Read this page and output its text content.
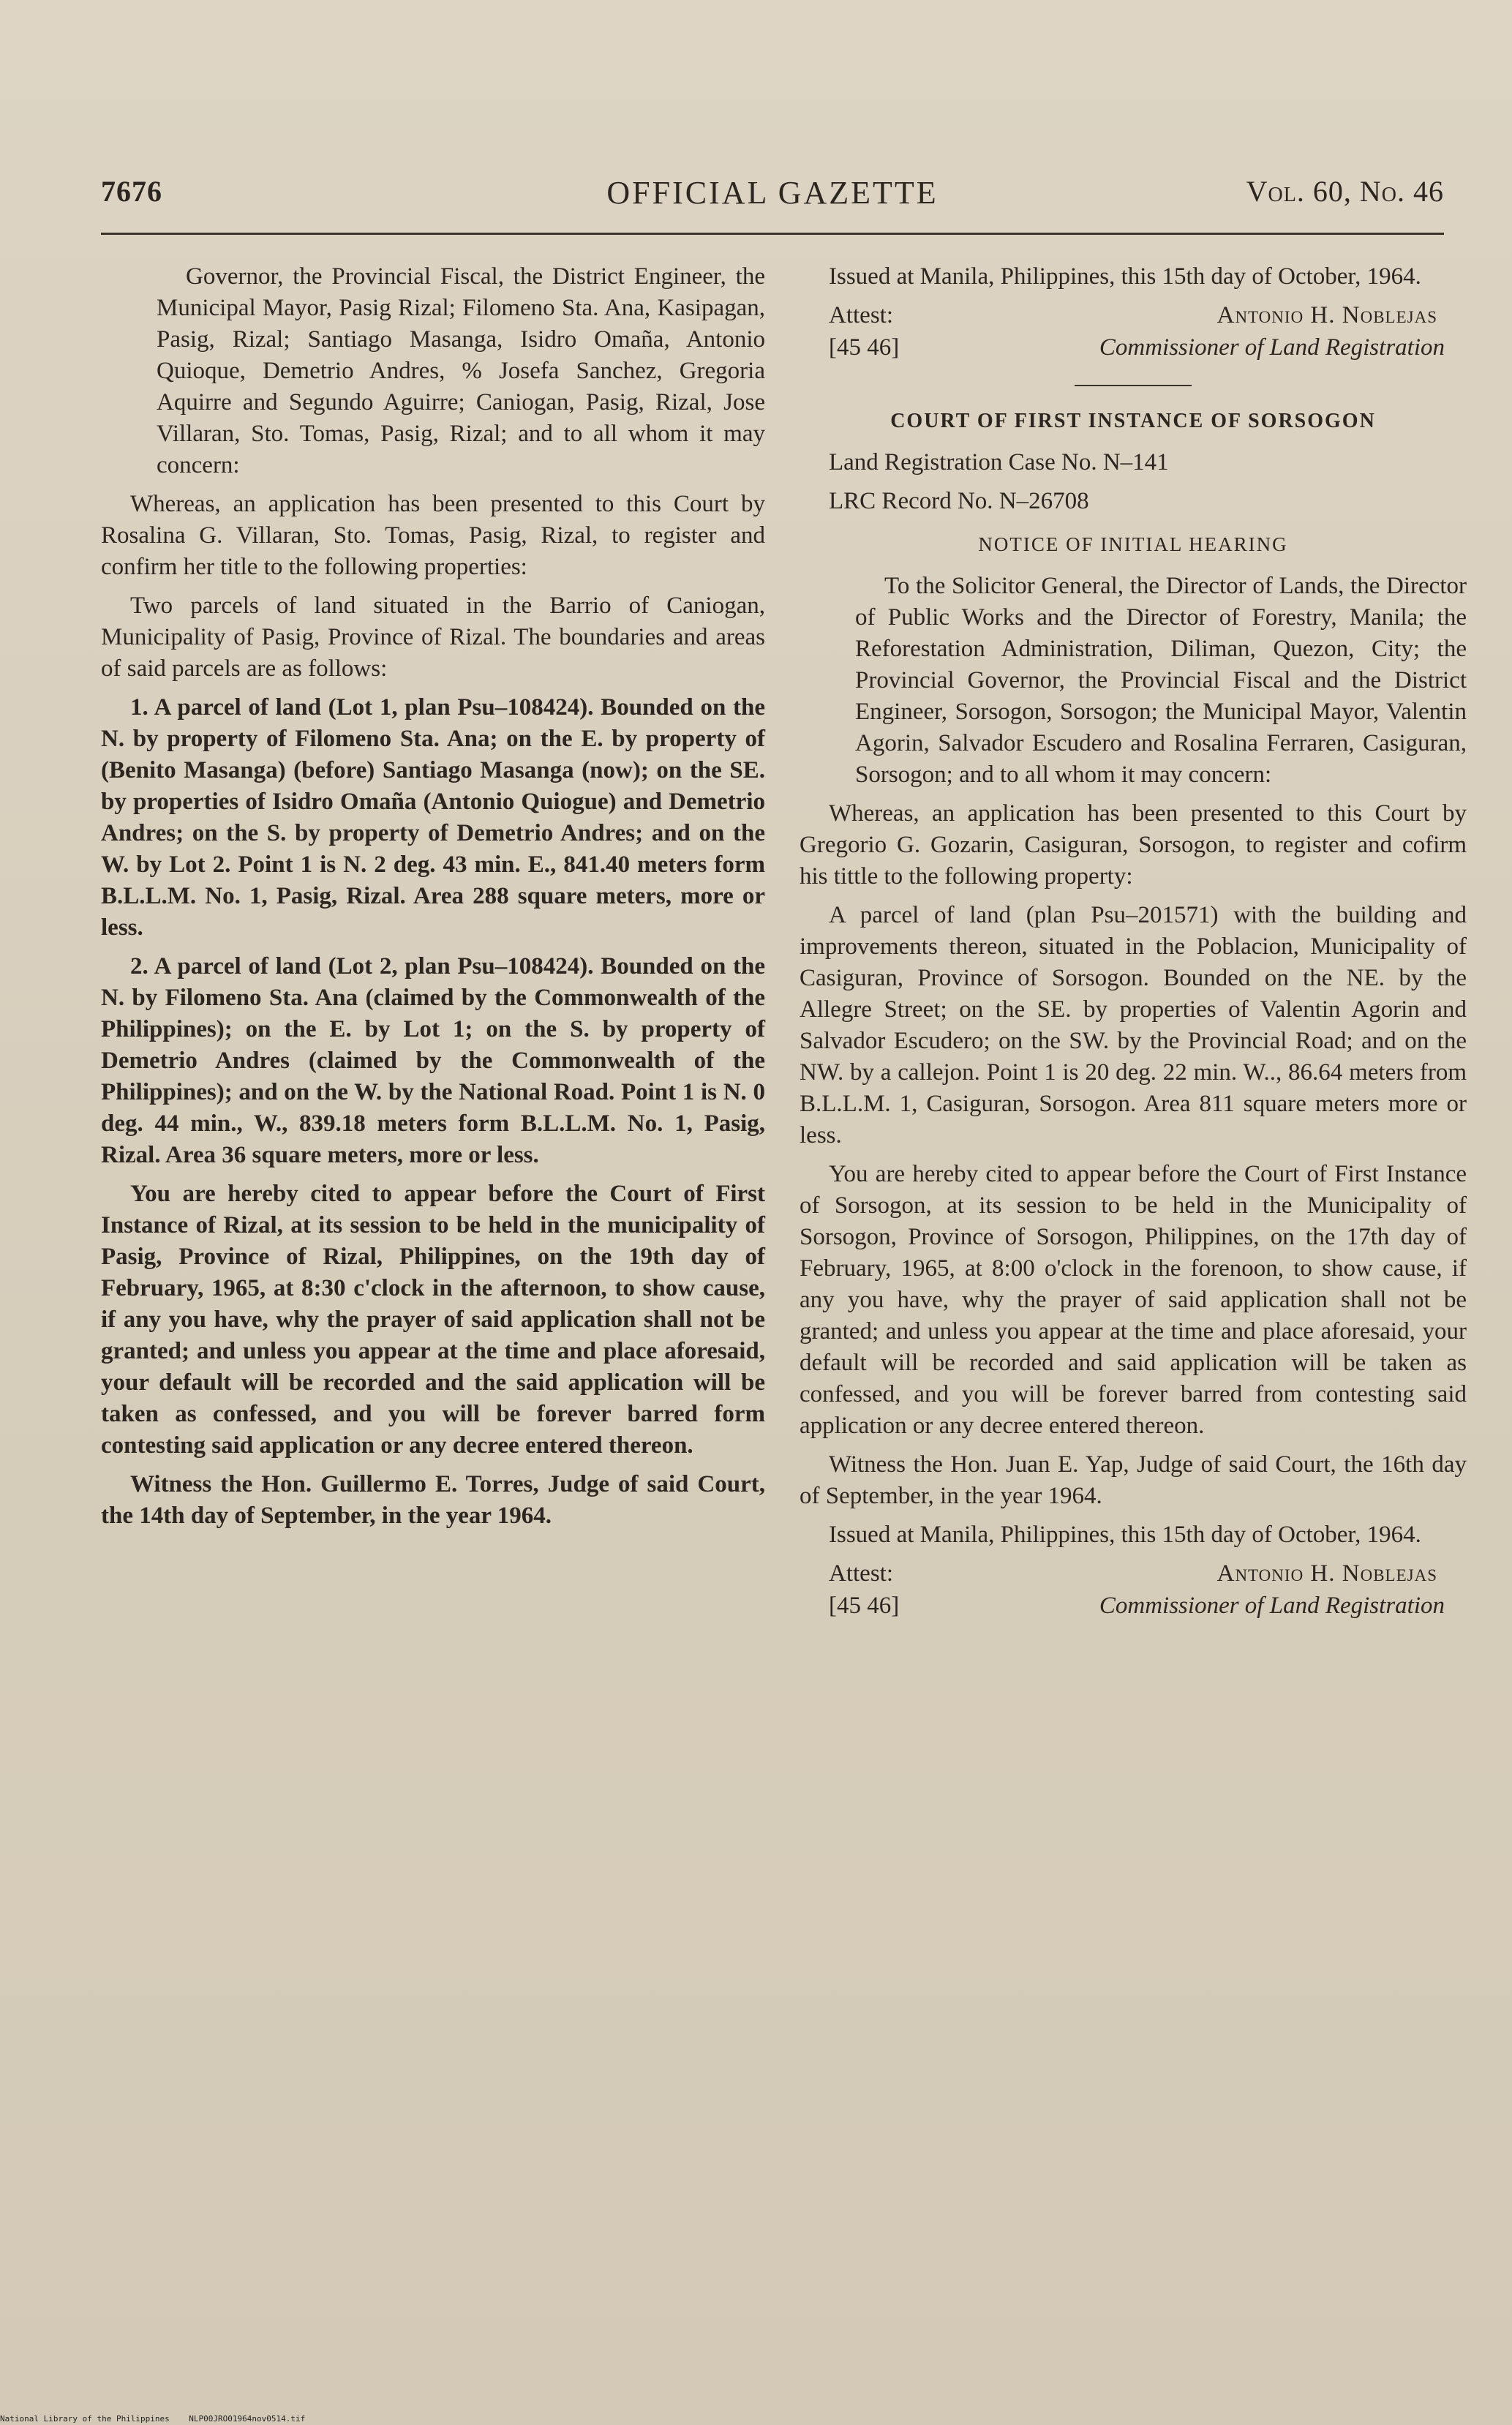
7676	OFFICIAL GAZETTE	Vol. 60, No. 46

Governor, the Provincial Fiscal, the District Engineer, the Municipal Mayor, Pasig Rizal; Filomeno Sta. Ana, Kasipagan, Pasig, Rizal; Santiago Masanga, Isidro Omaña, Antonio Quioque, Demetrio Andres, % Josefa Sanchez, Gregoria Aquirre and Segundo Aguirre; Caniogan, Pasig, Rizal, Jose Villaran, Sto. Tomas, Pasig, Rizal; and to all whom it may concern:

Whereas, an application has been presented to this Court by Rosalina G. Villaran, Sto. Tomas, Pasig, Rizal, to register and confirm her title to the following properties:

Two parcels of land situated in the Barrio of Caniogan, Municipality of Pasig, Province of Rizal. The boundaries and areas of said parcels are as follows:

1. A parcel of land (Lot 1, plan Psu–108424). Bounded on the N. by property of Filomeno Sta. Ana; on the E. by property of (Benito Masanga) (before) Santiago Masanga (now); on the SE. by properties of Isidro Omaña (Antonio Quiogue) and Demetrio Andres; on the S. by property of Demetrio Andres; and on the W. by Lot 2. Point 1 is N. 2 deg. 43 min. E., 841.40 meters form B.L.L.M. No. 1, Pasig, Rizal. Area 288 square meters, more or less.

2. A parcel of land (Lot 2, plan Psu–108424). Bounded on the N. by Filomeno Sta. Ana (claimed by the Commonwealth of the Philippines); on the E. by Lot 1; on the S. by property of Demetrio Andres (claimed by the Commonwealth of the Philippines); and on the W. by the National Road. Point 1 is N. 0 deg. 44 min., W., 839.18 meters form B.L.L.M. No. 1, Pasig, Rizal. Area 36 square meters, more or less.

You are hereby cited to appear before the Court of First Instance of Rizal, at its session to be held in the municipality of Pasig, Province of Rizal, Philippines, on the 19th day of February, 1965, at 8:30 c'clock in the afternoon, to show cause, if any you have, why the prayer of said application shall not be granted; and unless you appear at the time and place aforesaid, your default will be recorded and the said application will be taken as confessed, and you will be forever barred form contesting said application or any decree entered thereon.

Witness the Hon. Guillermo E. Torres, Judge of said Court, the 14th day of September, in the year 1964.

Issued at Manila, Philippines, this 15th day of October, 1964.

Attest:	Antonio H. Noblejas
[45 46]	Commissioner of Land Registration
COURT OF FIRST INSTANCE OF SORSOGON

Land Registration Case No. N–141

LRC Record No. N–26708

NOTICE OF INITIAL HEARING

To the Solicitor General, the Director of Lands, the Director of Public Works and the Director of Forestry, Manila; the Reforestation Administration, Diliman, Quezon, City; the Provincial Governor, the Provincial Fiscal and the District Engineer, Sorsogon, Sorsogon; the Municipal Mayor, Valentin Agorin, Salvador Escudero and Rosalina Ferraren, Casiguran, Sorsogon; and to all whom it may concern:

Whereas, an application has been presented to this Court by Gregorio G. Gozarin, Casiguran, Sorsogon, to register and cofirm his tittle to the following property:

A parcel of land (plan Psu–201571) with the building and improvements thereon, situated in the Poblacion, Municipality of Casiguran, Province of Sorsogon. Bounded on the NE. by the Allegre Street; on the SE. by properties of Valentin Agorin and Salvador Escudero; on the SW. by the Provincial Road; and on the NW. by a callejon. Point 1 is 20 deg. 22 min. W.., 86.64 meters from B.L.L.M. 1, Casiguran, Sorsogon. Area 811 square meters more or less.

You are hereby cited to appear before the Court of First Instance of Sorsogon, at its session to be held in the Municipality of Sorsogon, Province of Sorsogon, Philippines, on the 17th day of February, 1965, at 8:00 o'clock in the forenoon, to show cause, if any you have, why the prayer of said application shall not be granted; and unless you appear at the time and place aforesaid, your default will be recorded and said application will be taken as confessed, and you will be forever barred from contesting said application or any decree entered thereon.

Witness the Hon. Juan E. Yap, Judge of said Court, the 16th day of September, in the year 1964.

Issued at Manila, Philippines, this 15th day of October, 1964.

Attest:	Antonio H. Noblejas
[45 46]	Commissioner of Land Registration
National Library of the Philippines    NLP00JRO01964nov0514.tif
